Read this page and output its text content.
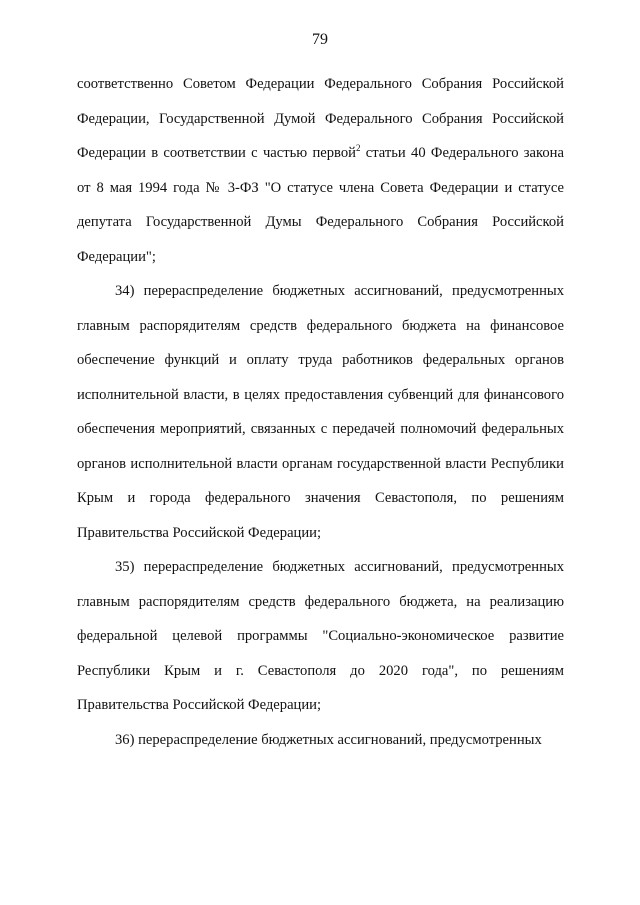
79

соответственно Советом Федерации Федерального Собрания Российской Федерации, Государственной Думой Федерального Собрания Российской Федерации в соответствии с частью первой$^2$ статьи 40 Федерального закона от 8 мая 1994 года № 3-ФЗ "О статусе члена Совета Федерации и статусе депутата Государственной Думы Федерального Собрания Российской Федерации";

34) перераспределение бюджетных ассигнований, предусмотренных главным распорядителям средств федерального бюджета на финансовое обеспечение функций и оплату труда работников федеральных органов исполнительной власти, в целях предоставления субвенций для финансового обеспечения мероприятий, связанных с передачей полномочий федеральных органов исполнительной власти органам государственной власти Республики Крым и города федерального значения Севастополя, по решениям Правительства Российской Федерации;

35) перераспределение бюджетных ассигнований, предусмотренных главным распорядителям средств федерального бюджета, на реализацию федеральной целевой программы "Социально-экономическое развитие Республики Крым и г. Севастополя до 2020 года", по решениям Правительства Российской Федерации;

36) перераспределение бюджетных ассигнований, предусмотренных
